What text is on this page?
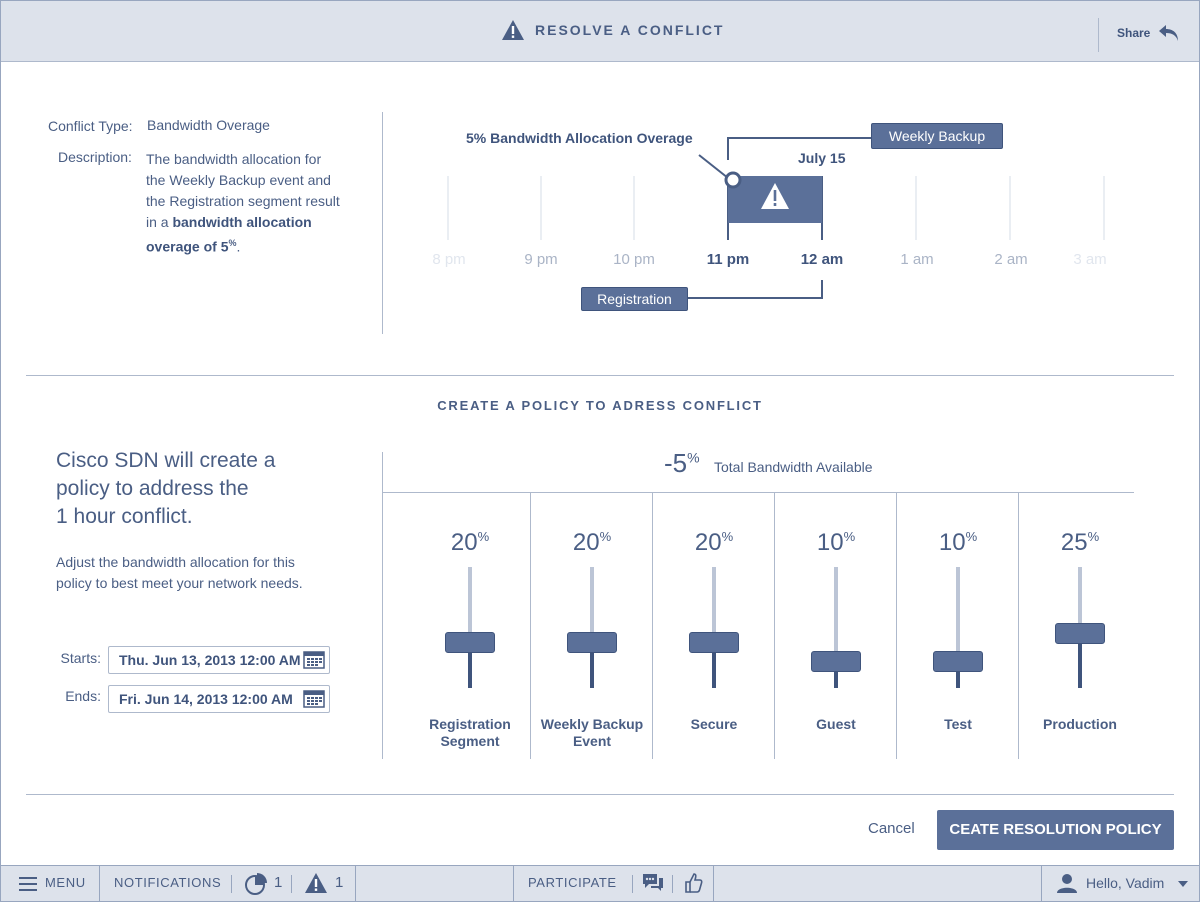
RESOLVE A CONFLICT	Share
Conflict Type: Bandwidth Overage
Description: The bandwidth allocation for
the Weekly Backup event and
the Registration segment result
in a bandwidth allocation
overage of 5%.
Weekly Backup
Registration
5% Bandwidth Allocation Overage
July 15
8 pm	9 pm	10 pm	11 pm	12 am	1 am	2 am	3 am
CREATE A POLICY TO ADRESS CONFLICT
Cisco SDN will create a
policy to address the
1 hour conflict.
Adjust the bandwidth allocation for this
policy to best meet your network needs.
Starts:	Thu. Jun 13, 2013 12:00 AM
Ends:	Fri. Jun 14, 2013 12:00 AM
-5%
Total Bandwidth Available
20%
Registration
Segment
20%
Weekly Backup
Event
20%
Secure
10%
Guest
10%
Test
25%
Production
Cancel	CEATE RESOLUTION POLICY
MENU NOTIFICATIONS	1	1	PARTICIPATE	Hello, Vadim
